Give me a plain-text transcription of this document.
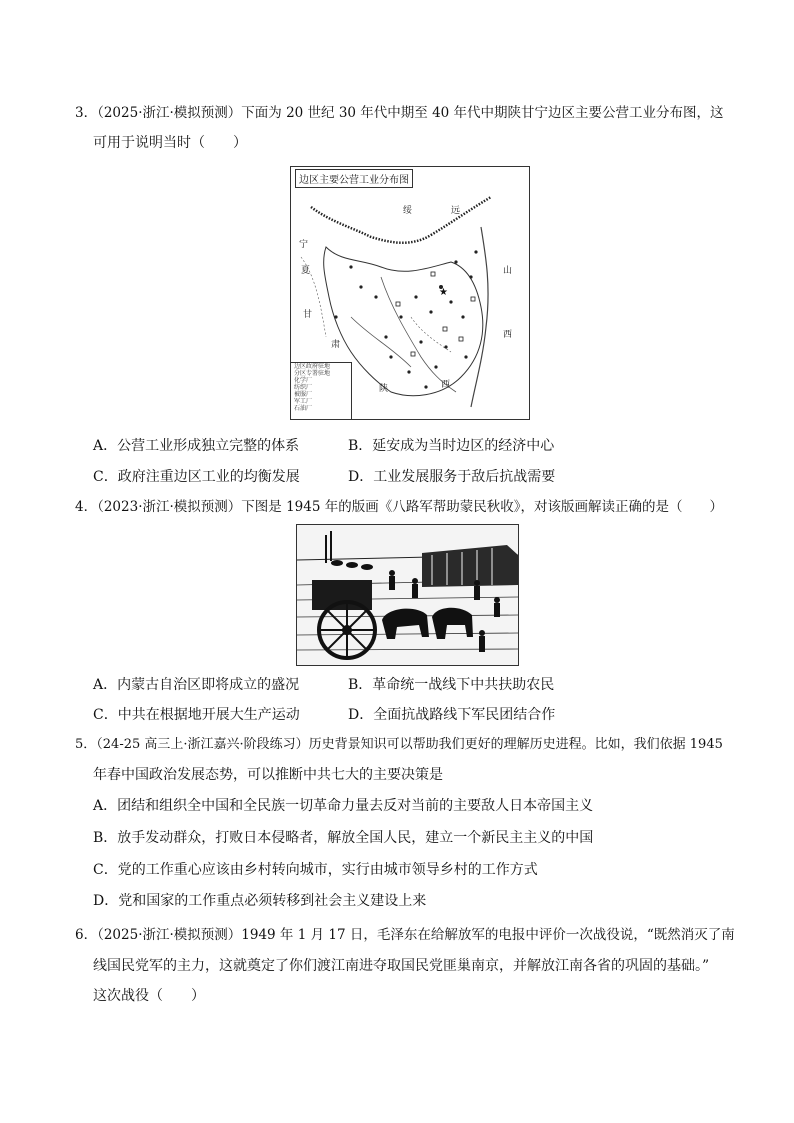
3．（2025·浙江·模拟预测）下面为 20 世纪 30 年代中期至 40 年代中期陕甘宁边区主要公营工业分布图，这
可用于说明当时（　　）
★
边区主要公营工业分布图
绥	远
宁
夏
甘
肃
陕	西
山
西
边区政府驻地
分区专署驻地
化学厂
纺织厂
被服厂
军工厂
石油厂
A．公营工业形成独立完整的体系	B．延安成为当时边区的经济中心
C．政府注重边区工业的均衡发展	D．工业发展服务于敌后抗战需要
4．（2023·浙江·模拟预测）下图是 1945 年的版画《八路军帮助蒙民秋收》，对该版画解读正确的是（　　）
A．内蒙古自治区即将成立的盛况	B．革命统一战线下中共扶助农民
C．中共在根据地开展大生产运动	D．全面抗战路线下军民团结合作
5．（24-25 高三上·浙江嘉兴·阶段练习）历史背景知识可以帮助我们更好的理解历史进程。比如，我们依据 1945
年春中国政治发展态势，可以推断中共七大的主要决策是
A．团结和组织全中国和全民族一切革命力量去反对当前的主要敌人日本帝国主义
B．放手发动群众，打败日本侵略者，解放全国人民，建立一个新民主主义的中国
C．党的工作重心应该由乡村转向城市，实行由城市领导乡村的工作方式
D．党和国家的工作重点必须转移到社会主义建设上来
6．（2025·浙江·模拟预测）1949 年 1 月 17 日，毛泽东在给解放军的电报中评价一次战役说，“既然消灭了南
线国民党军的主力，这就奠定了你们渡江南进夺取国民党匪巢南京，并解放江南各省的巩固的基础。”
这次战役（　　）
